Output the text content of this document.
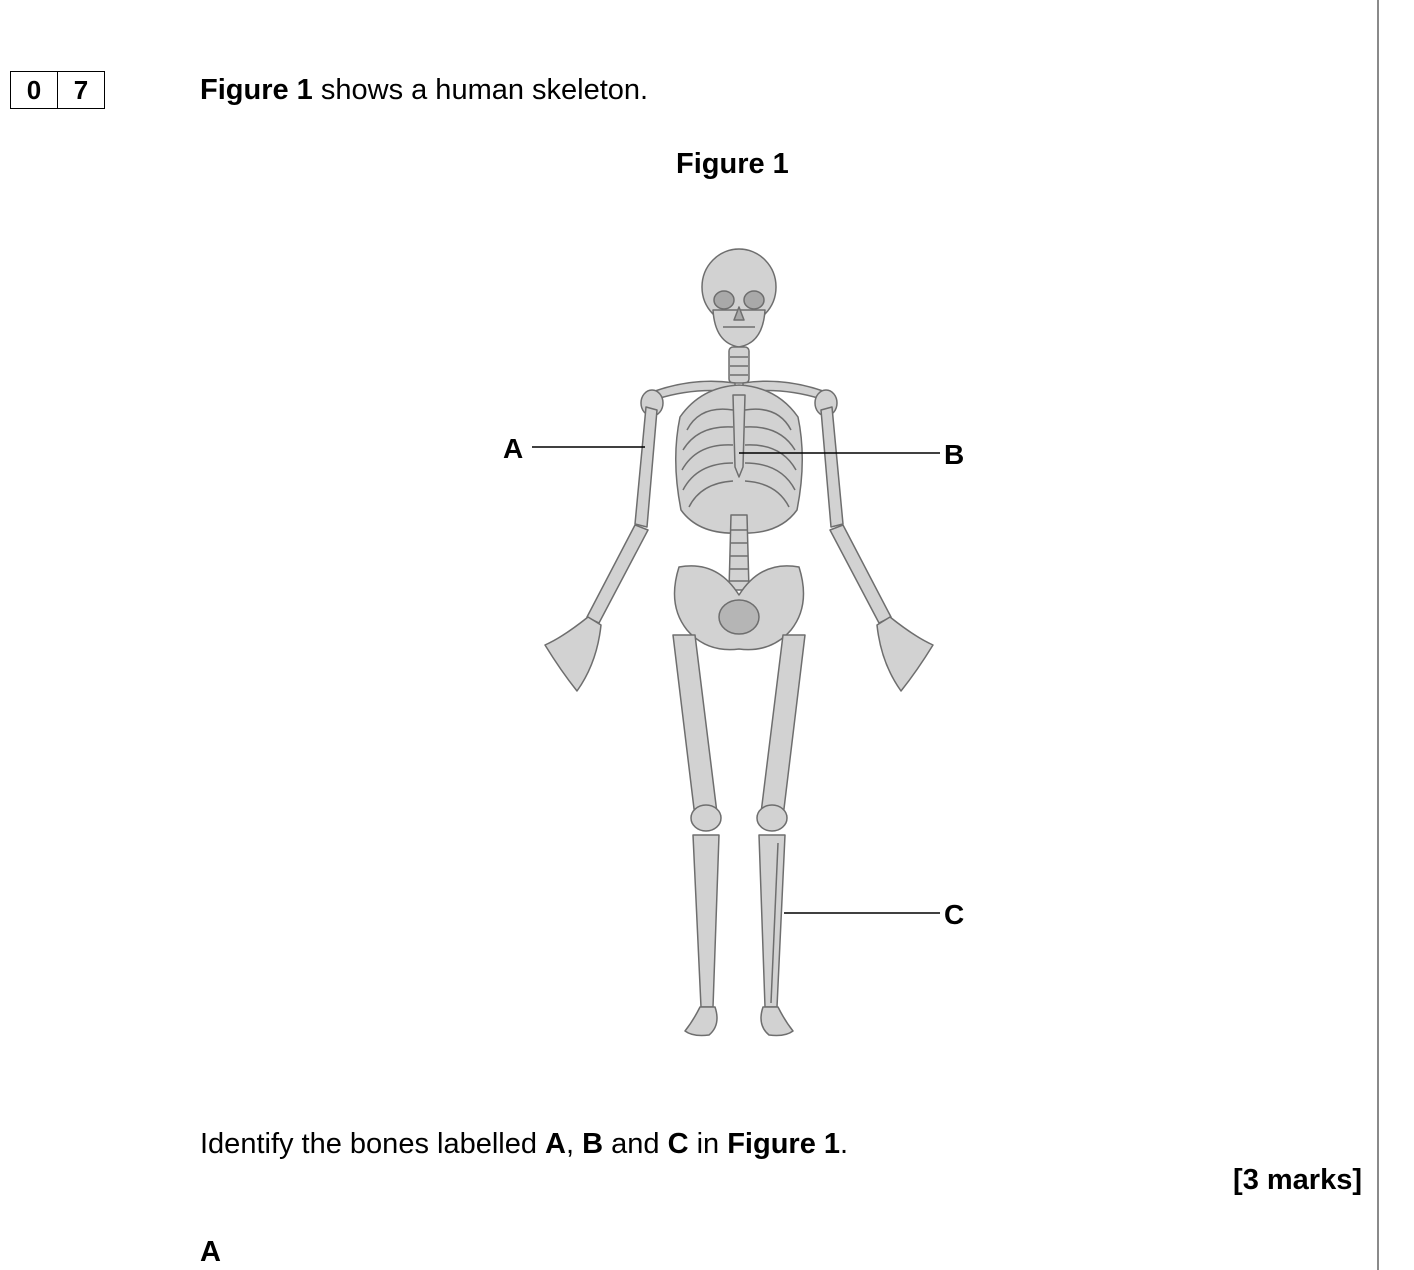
0	7	Figure 1 shows a human skeleton.
Figure 1
A	B
C
Identify the bones labelled A, B and C in Figure 1.
[3 marks]
A
